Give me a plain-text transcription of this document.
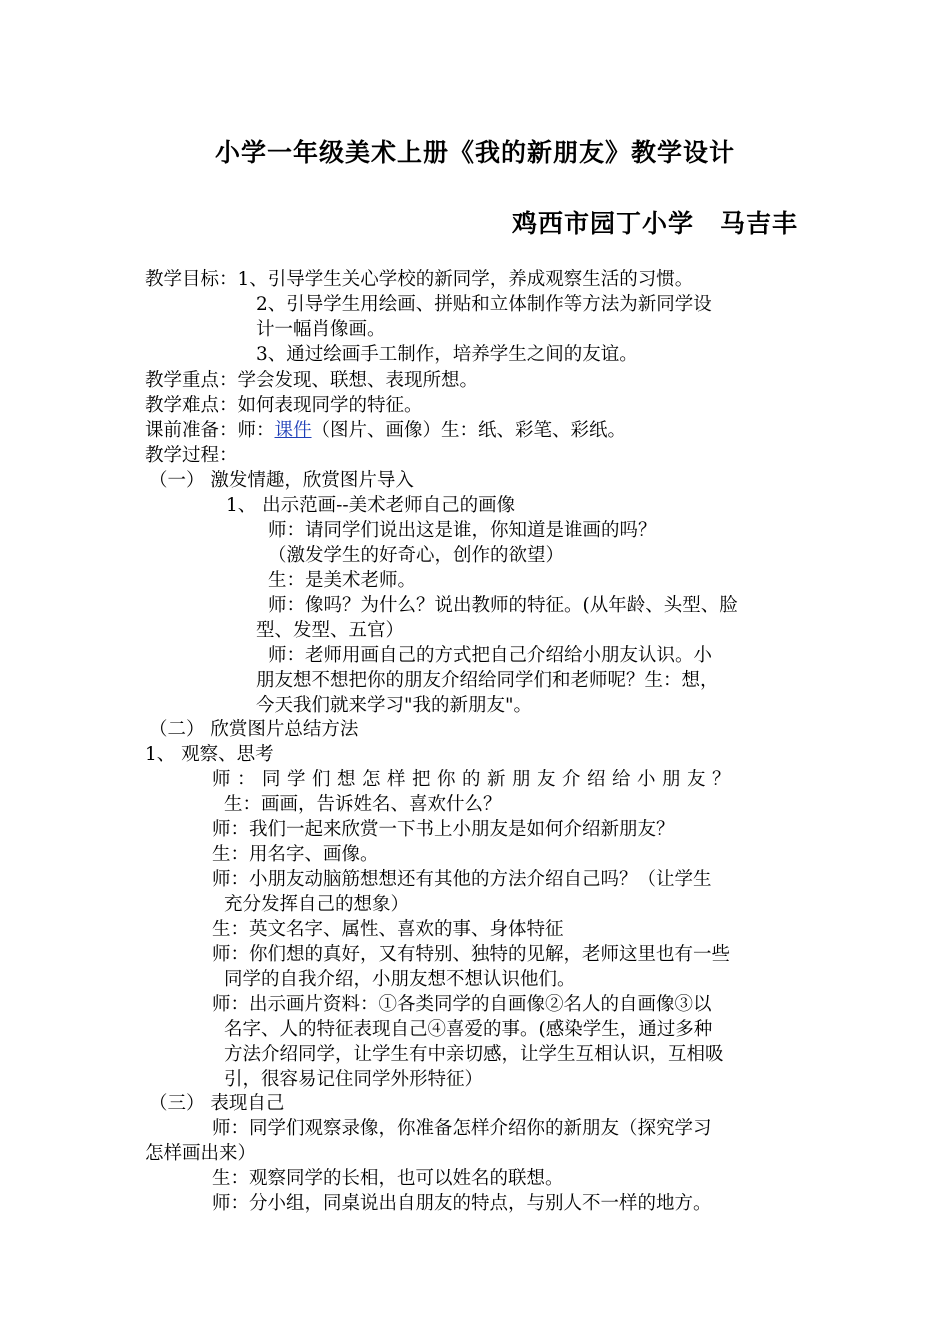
小学一年级美术上册《我的新朋友》教学设计
鸡西市园丁小学　马吉丰
教学目标：1、引导学生关心学校的新同学，养成观察生活的习惯。
2、引导学生用绘画、拼贴和立体制作等方法为新同学设
计一幅肖像画。
3、通过绘画手工制作，培养学生之间的友谊。
教学重点：学会发现、联想、表现所想。
教学难点：如何表现同学的特征。
课前准备：师：课件（图片、画像）生：纸、彩笔、彩纸。
教学过程：
（一） 激发情趣，欣赏图片导入
1、 出示范画--美术老师自己的画像
师：请同学们说出这是谁，你知道是谁画的吗？
（激发学生的好奇心，创作的欲望）
生：是美术老师。
师：像吗？为什么？说出教师的特征。(从年龄、头型、脸
型、发型、五官）
师：老师用画自己的方式把自己介绍给小朋友认识。小
朋友想不想把你的朋友介绍给同学们和老师呢？生：想，
今天我们就来学习"我的新朋友"。
（二） 欣赏图片总结方法
1、 观察、思考
师：同学们想怎样把你的新朋友介绍给小朋友？
生：画画，告诉姓名、喜欢什么？
师：我们一起来欣赏一下书上小朋友是如何介绍新朋友？
生：用名字、画像。
师：小朋友动脑筋想想还有其他的方法介绍自己吗？（让学生
充分发挥自己的想象）
生：英文名字、属性、喜欢的事、身体特征
师：你们想的真好，又有特别、独特的见解，老师这里也有一些
同学的自我介绍，小朋友想不想认识他们。
师：出示画片资料：①各类同学的自画像②名人的自画像③以
名字、人的特征表现自己④喜爱的事。(感染学生，通过多种
方法介绍同学，让学生有中亲切感，让学生互相认识，互相吸
引，很容易记住同学外形特征）
（三） 表现自己
师：同学们观察录像，你准备怎样介绍你的新朋友（探究学习
怎样画出来）
生：观察同学的长相，也可以姓名的联想。
师：分小组，同桌说出自朋友的特点，与别人不一样的地方。
